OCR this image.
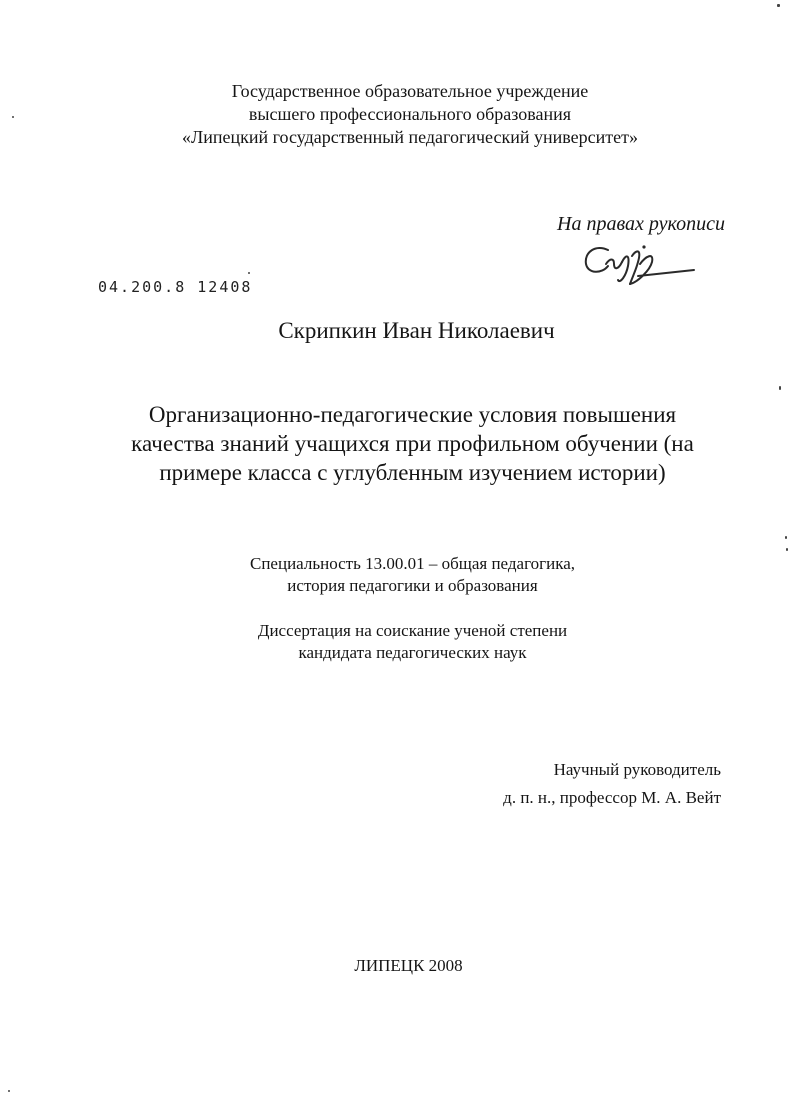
Государственное образовательное учреждение
высшего профессионального образования
«Липецкий государственный педагогический университет»
На правах рукописи
04.200.8 12408
Скрипкин Иван Николаевич
Организационно-педагогические условия повышения
качества знаний учащихся при профильном обучении (на
примере класса с углубленным изучением истории)
Специальность 13.00.01 – общая педагогика,
история педагогики и образования
Диссертация на соискание ученой степени
кандидата педагогических наук
Научный руководитель
д. п. н., профессор М. А. Вейт
ЛИПЕЦК 2008
